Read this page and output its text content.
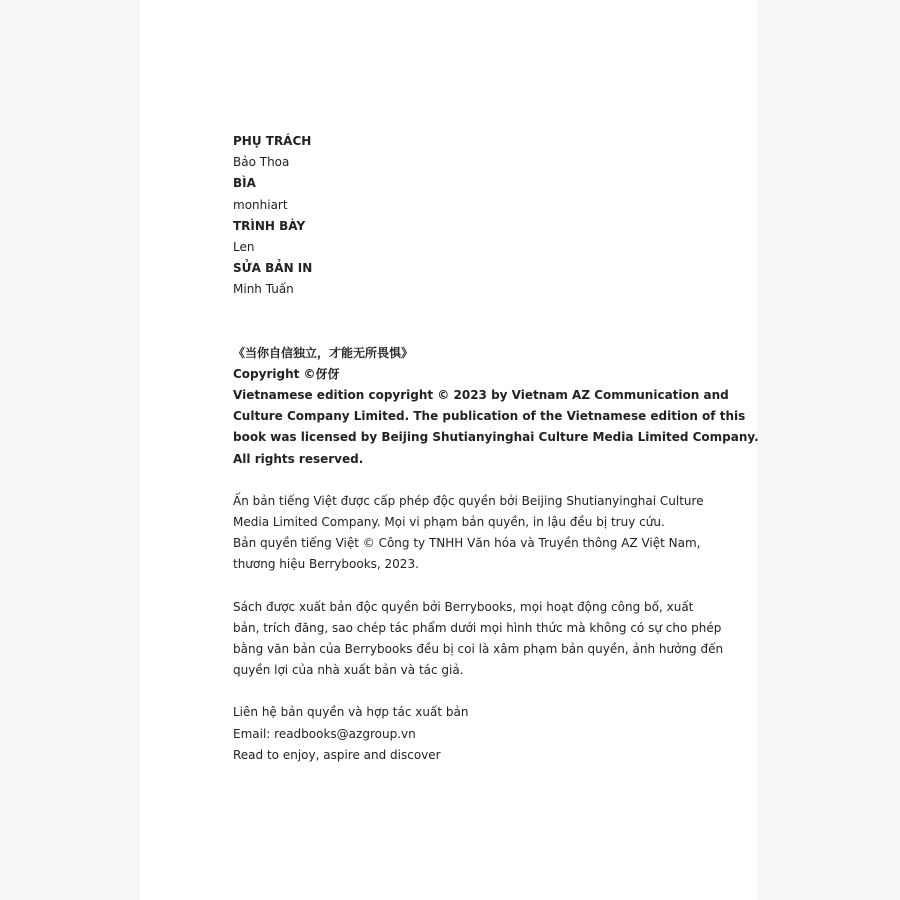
PHỤ TRÁCH
Bảo Thoa
BÌA
monhiart
TRÌNH BÀY
Len
SỬA BẢN IN
Minh Tuấn
《当你自信独立，才能无所畏惧》
Copyright ©伢伢
Vietnamese edition copyright © 2023 by Vietnam AZ Communication and
Culture Company Limited. The publication of the Vietnamese edition of this
book was licensed by Beijing Shutianyinghai Culture Media Limited Company.
All rights reserved.
Ấn bản tiếng Việt được cấp phép độc quyền bởi Beijing Shutianyinghai Culture
Media Limited Company. Mọi vi phạm bản quyền, in lậu đều bị truy cứu.
Bản quyền tiếng Việt © Công ty TNHH Văn hóa và Truyền thông AZ Việt Nam,
thương hiệu Berrybooks, 2023.
Sách được xuất bản độc quyền bởi Berrybooks, mọi hoạt động công bố, xuất
bản, trích đăng, sao chép tác phẩm dưới mọi hình thức mà không có sự cho phép
bằng văn bản của Berrybooks đều bị coi là xâm phạm bản quyền, ảnh hưởng đến
quyền lợi của nhà xuất bản và tác giả.
Liên hệ bản quyền và hợp tác xuất bản
Email: readbooks@azgroup.vn
Read to enjoy, aspire and discover
